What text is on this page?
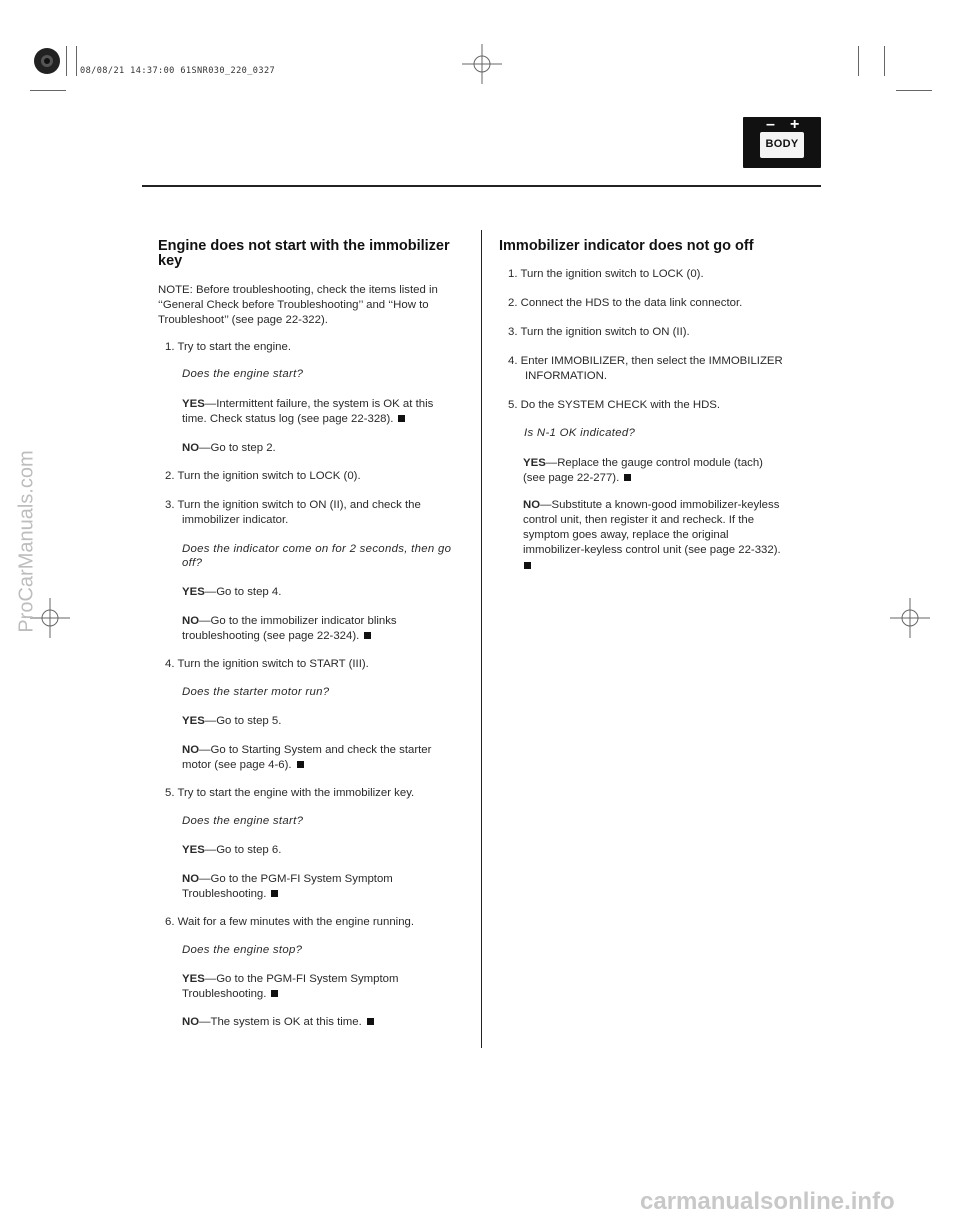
08/08/21 14:37:00 61SNR030_220_0327
– +
BODY
Engine does not start with the immobilizer
key
NOTE: Before troubleshooting, check the items listed in
‘‘General Check before Troubleshooting’’ and ‘‘How to
Troubleshoot’’ (see page 22-322).
1. Try to start the engine.
Does the engine start?
YES—Intermittent failure, the system is OK at this
time. Check status log (see page 22-328).
NO—Go to step 2.
2. Turn the ignition switch to LOCK (0).
3. Turn the ignition switch to ON (II), and check the
immobilizer indicator.
Does the indicator come on for 2 seconds, then go
off?
YES—Go to step 4.
NO—Go to the immobilizer indicator blinks
troubleshooting (see page 22-324).
4. Turn the ignition switch to START (III).
Does the starter motor run?
YES—Go to step 5.
NO—Go to Starting System and check the starter
motor (see page 4-6).
5. Try to start the engine with the immobilizer key.
Does the engine start?
YES—Go to step 6.
NO—Go to the PGM-FI System Symptom
Troubleshooting.
6. Wait for a few minutes with the engine running.
Does the engine stop?
YES—Go to the PGM-FI System Symptom
Troubleshooting.
NO—The system is OK at this time.
Immobilizer indicator does not go off
1. Turn the ignition switch to LOCK (0).
2. Connect the HDS to the data link connector.
3. Turn the ignition switch to ON (II).
4. Enter IMMOBILIZER, then select the IMMOBILIZER
INFORMATION.
5. Do the SYSTEM CHECK with the HDS.
Is N-1 OK indicated?
YES—Replace the gauge control module (tach)
(see page 22-277).
NO—Substitute a known-good immobilizer-keyless
control unit, then register it and recheck. If the
symptom goes away, replace the original
immobilizer-keyless control unit (see page 22-332).
ProCarManuals.com
carmanualsonline.info
